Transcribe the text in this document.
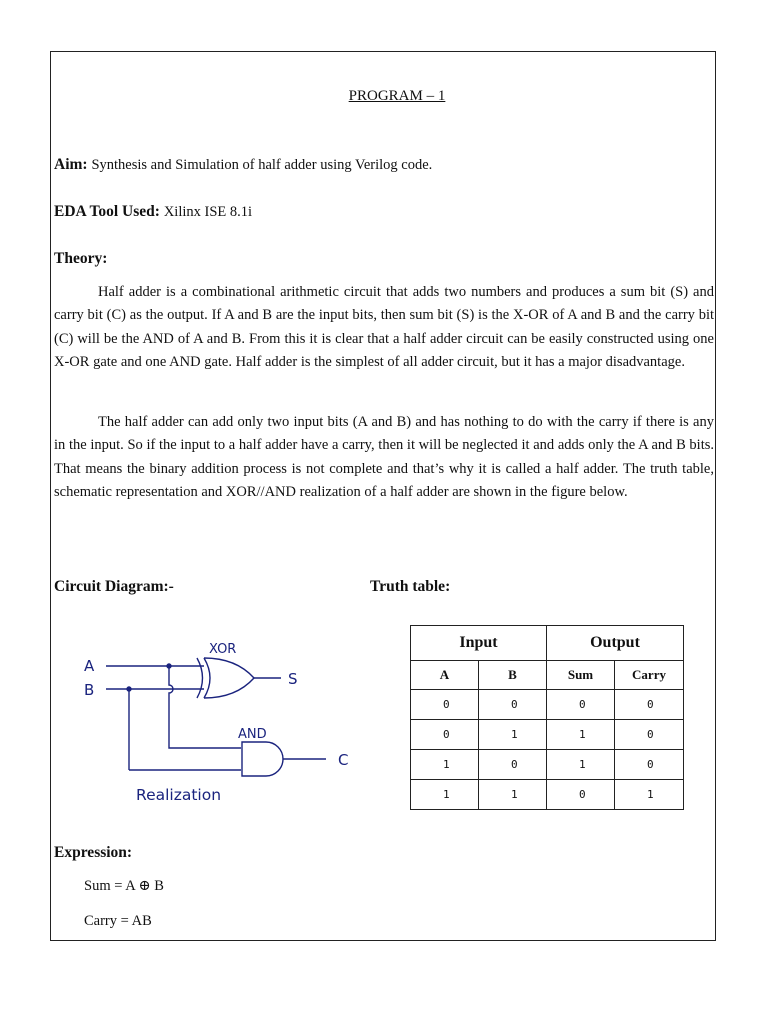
PROGRAM – 1
Aim: Synthesis and Simulation of half adder using Verilog code.
EDA Tool Used: Xilinx ISE 8.1i
Theory:
Half adder is a combinational arithmetic circuit that adds two numbers and produces a sum bit (S) and carry bit (C) as the output. If A and B are the input bits, then sum bit (S) is the X-OR of A and B and the carry bit (C) will be the AND of A and B. From this it is clear that a half adder circuit can be easily constructed using one X-OR gate and one AND gate. Half adder is the simplest of all adder circuit, but it has a major disadvantage.
The half adder can add only two input bits (A and B) and has nothing to do with the carry if there is any in the input. So if the input to a half adder have a carry, then it will be neglected it and adds only the A and B bits. That means the binary addition process is not complete and that’s why it is called a half adder. The truth table, schematic representation and XOR//AND realization of a half adder are shown in the figure below.
Circuit Diagram:-	Truth table:
A
B
XOR
AND
S
C
Realization
Input		Output	
A	B	Sum	Carry
0	0	0	0
0	1	1	0
1	0	1	0
1	1	0	1
Expression:
Sum = A ⊕ B
Carry = AB
